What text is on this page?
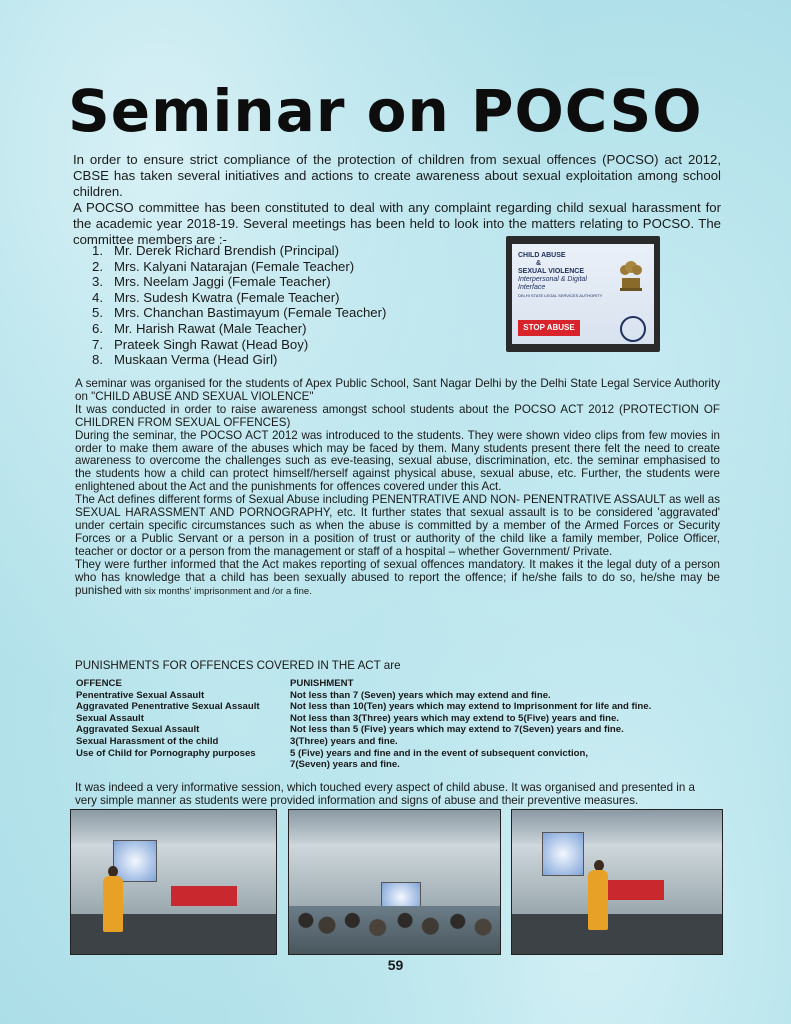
Seminar on POCSO

In order to ensure strict compliance of the protection of children from sexual offences (POCSO) act 2012, CBSE has taken several initiatives and actions to create awareness about sexual exploitation among school children.

A POCSO committee has been constituted to deal with any complaint regarding child sexual harassment for the academic year 2018-19. Several meetings has been held to look into the matters relating to POCSO. The committee members are :-

1. Mr. Derek Richard Brendish (Principal)
2. Mrs. Kalyani Natarajan (Female Teacher)
3. Mrs. Neelam Jaggi (Female Teacher)
4. Mrs. Sudesh Kwatra (Female Teacher)
5. Mrs. Chanchan Bastimayum (Female Teacher)
6. Mr. Harish Rawat (Male Teacher)
7. Prateek Singh Rawat (Head Boy)
8. Muskaan Verma (Head Girl)
CHILD ABUSE
&
SEXUAL VIOLENCE
Interpersonal & Digital
Interface
DELHI STATE LEGAL SERVICES AUTHORITY
STOP ABUSE

A seminar was organised for the students of Apex Public School, Sant Nagar Delhi by the Delhi State Legal Service Authority on "CHILD ABUSE AND SEXUAL VIOLENCE"

It was conducted in order to raise awareness amongst school students about the POCSO ACT 2012 (PROTECTION OF CHILDREN FROM SEXUAL OFFENCES)

During the seminar, the POCSO ACT 2012 was introduced to the students. They were shown video clips from few movies in order to make them aware of the abuses which may be faced by them. Many students present there felt the need to create awareness to overcome the challenges such as eve-teasing, sexual abuse, discrimination, etc. the seminar emphasised to the students how a child can protect himself/herself against physical abuse, sexual abuse, etc. Further, the students were enlightened about the Act and the punishments for offences covered under this Act.

The Act defines different forms of Sexual Abuse including PENENTRATIVE AND NON- PENENTRATIVE ASSAULT as well as SEXUAL HARASSMENT AND PORNOGRAPHY, etc. It further states that sexual assault is to be considered 'aggravated' under certain specific circumstances such as when the abuse is committed by a member of the Armed Forces or Security Forces or a Public Servant or a person in a position of trust or authority of the child like a family member, Police Officer, teacher or doctor or a person from the management or staff of a hospital – whether Government/ Private.

They were further informed that the Act makes reporting of sexual offences mandatory. It makes it the legal duty of a person who has knowledge that a child has been sexually abused to report the offence; if he/she fails to do so, he/she may be punished with six months' imprisonment and /or a fine.

PUNISHMENTS FOR OFFENCES COVERED IN THE ACT are
OFFENCE	PUNISHMENT
Penentrative Sexual Assault	Not less than 7 (Seven) years which may extend and fine.
Aggravated Penentrative Sexual Assault	Not less than 10(Ten) years which may extend to Imprisonment for life and fine.
Sexual Assault	Not less than 3(Three) years which may extend to 5(Five) years and fine.
Aggravated Sexual Assault	Not less than 5 (Five) years which may extend to 7(Seven) years and fine.
Sexual Harassment of the child	3(Three) years and fine.
Use of Child for Pornography purposes	5 (Five) years and fine and in the event of subsequent conviction,
7(Seven) years and fine.
It was indeed a very informative session, which touched every aspect of child abuse. It was organised and presented in a very simple manner as students were provided information and signs of abuse and their preventive measures.
59
